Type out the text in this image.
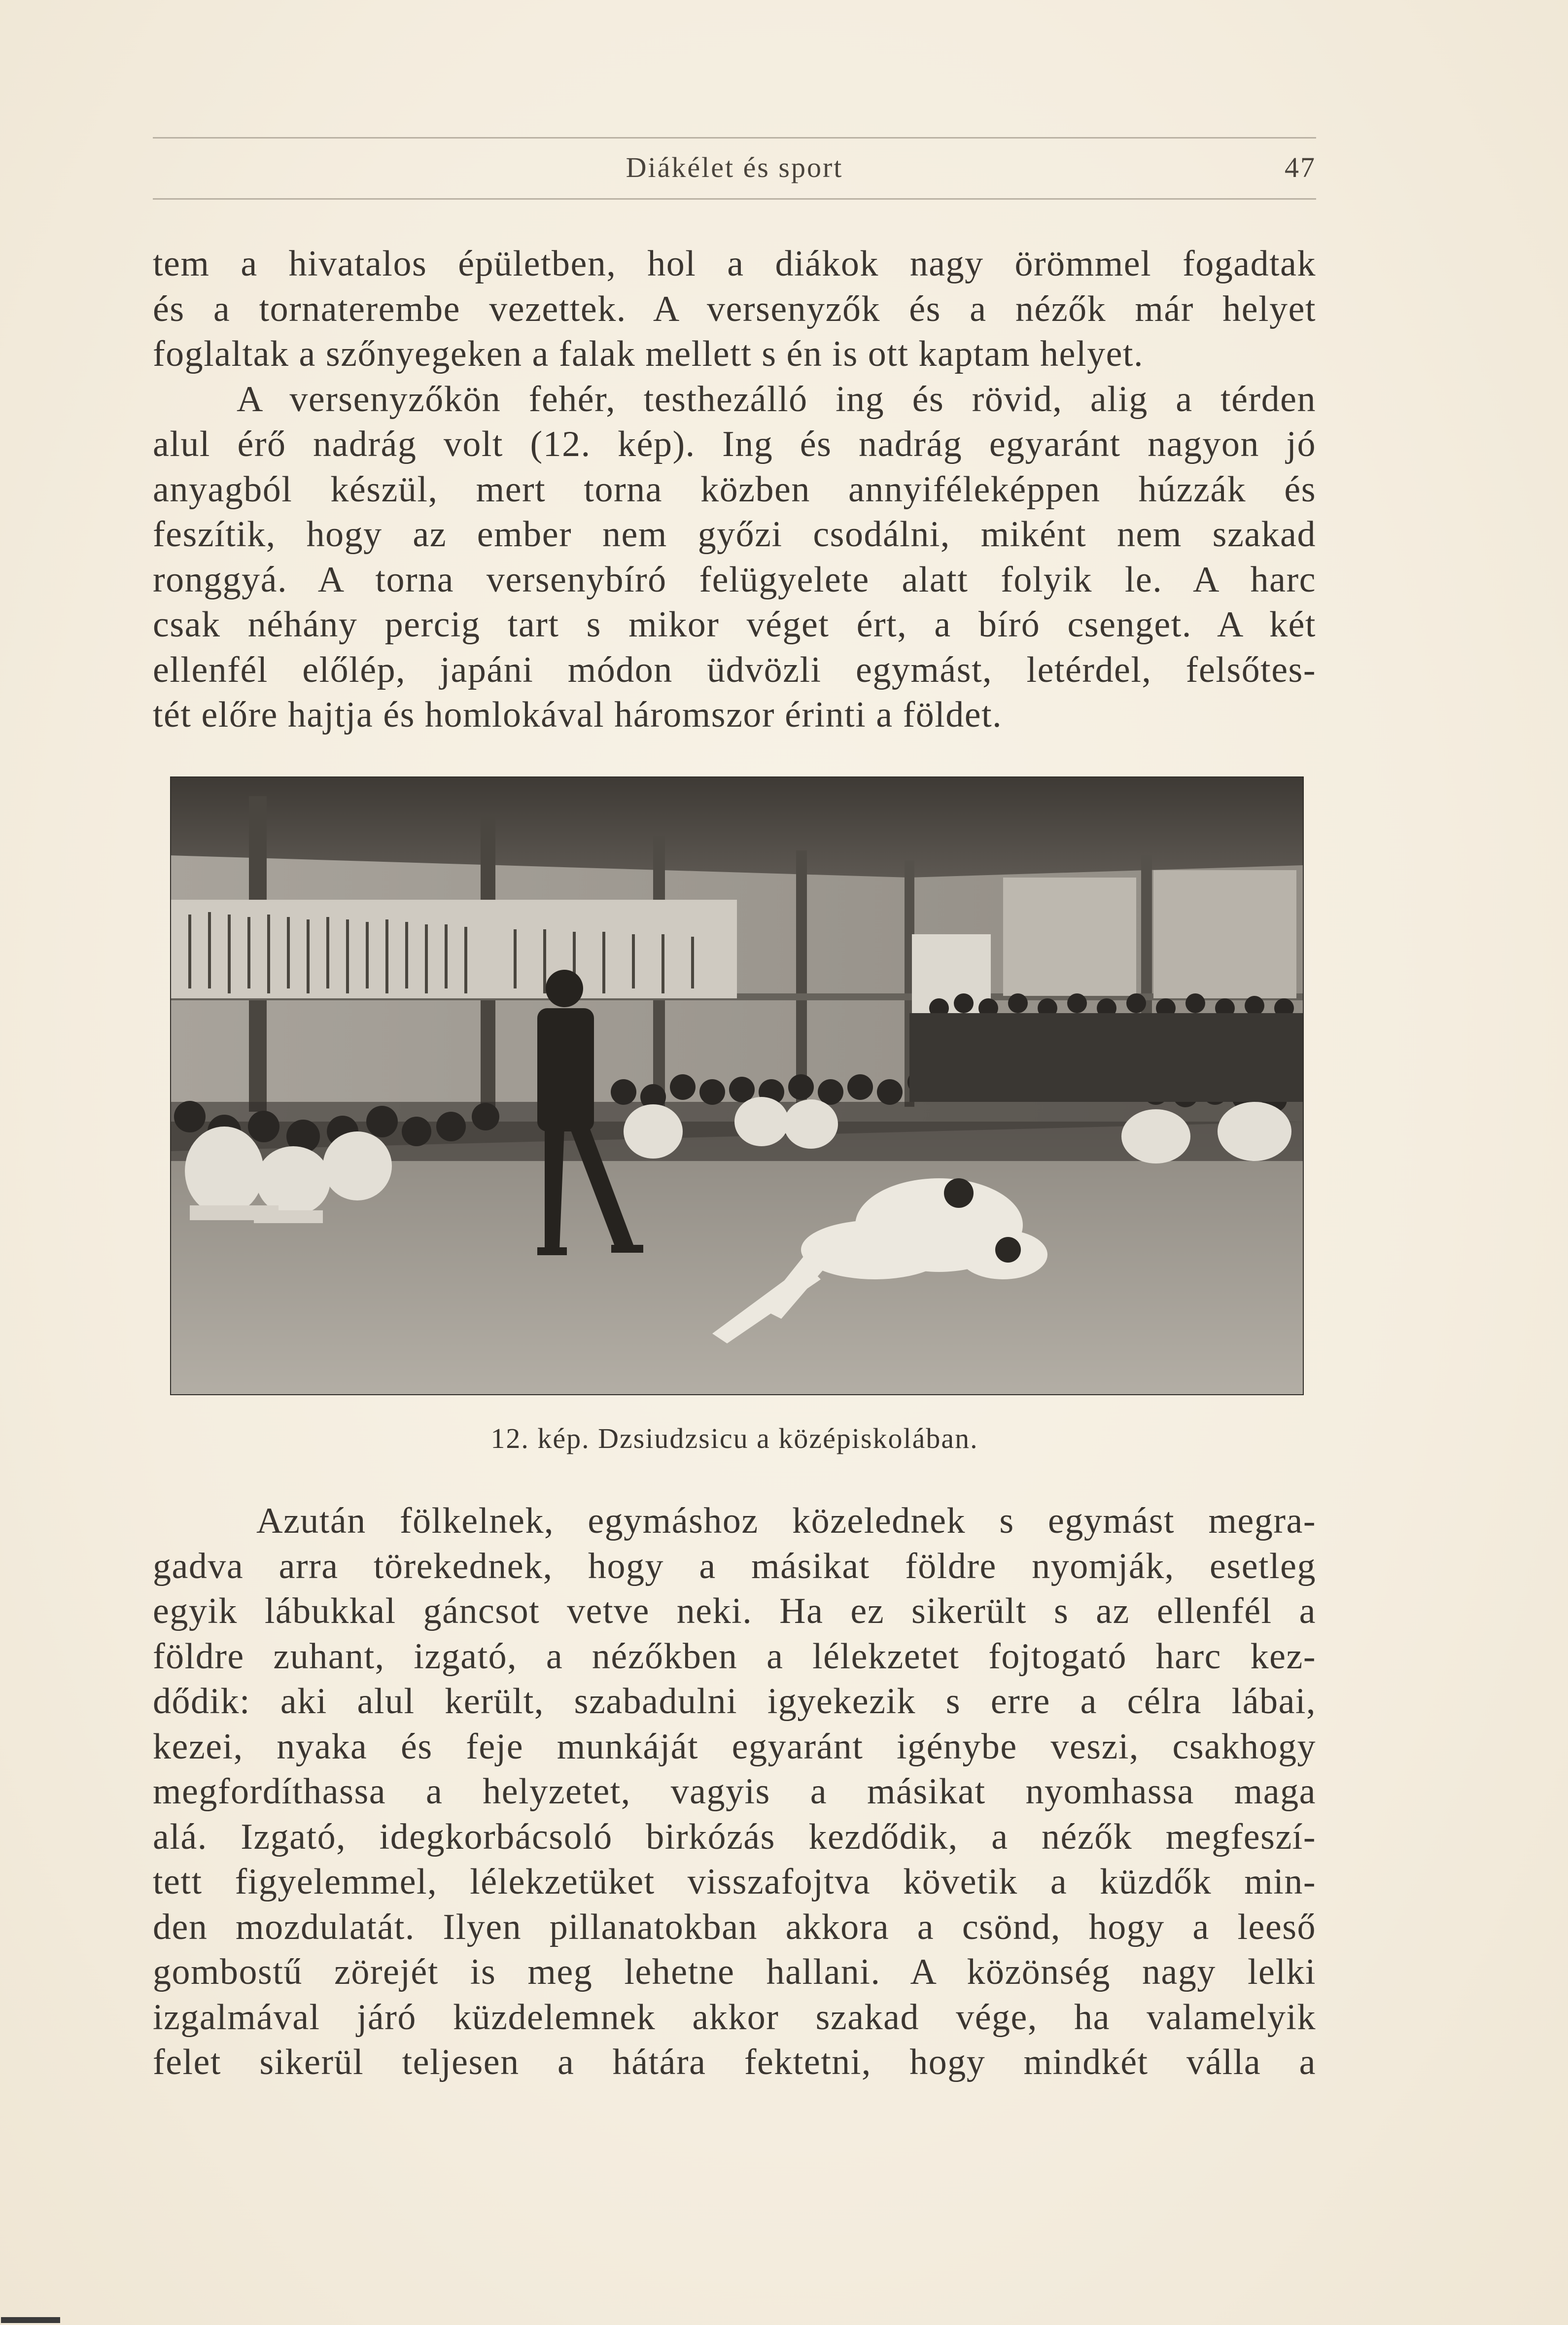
Diákélet és sport	47
tem a hivatalos épületben, hol a diákok nagy örömmel fogadtak
és a tornaterembe vezettek. A versenyzők és a nézők már helyet
foglaltak a szőnyegeken a falak mellett s én is ott kaptam helyet.
A versenyzőkön fehér, testhezálló ing és rövid, alig a térden
alul érő nadrág volt (12. kép). Ing és nadrág egyaránt nagyon jó
anyagból készül, mert torna közben annyiféleképpen húzzák és
feszítik, hogy az ember nem győzi csodálni, miként nem szakad
ronggyá. A torna versenybíró felügyelete alatt folyik le. A harc
csak néhány percig tart s mikor véget ért, a bíró csenget. A két
ellenfél előlép, japáni módon üdvözli egymást, letérdel, felsőtes-
tét előre hajtja és homlokával háromszor érinti a földet.
12. kép. Dzsiudzsicu a középiskolában.
Azután fölkelnek, egymáshoz közelednek s egymást megra-
gadva arra törekednek, hogy a másikat földre nyomják, esetleg
egyik lábukkal gáncsot vetve neki. Ha ez sikerült s az ellenfél a
földre zuhant, izgató, a nézőkben a lélekzetet fojtogató harc kez-
dődik: aki alul került, szabadulni igyekezik s erre a célra lábai,
kezei, nyaka és feje munkáját egyaránt igénybe veszi, csakhogy
megfordíthassa a helyzetet, vagyis a másikat nyomhassa maga
alá. Izgató, idegkorbácsoló birkózás kezdődik, a nézők megfeszí-
tett figyelemmel, lélekzetüket visszafojtva követik a küzdők min-
den mozdulatát. Ilyen pillanatokban akkora a csönd, hogy a leeső
gombostű zörejét is meg lehetne hallani. A közönség nagy lelki
izgalmával járó küzdelemnek akkor szakad vége, ha valamelyik
felet sikerül teljesen a hátára fektetni, hogy mindkét válla a
